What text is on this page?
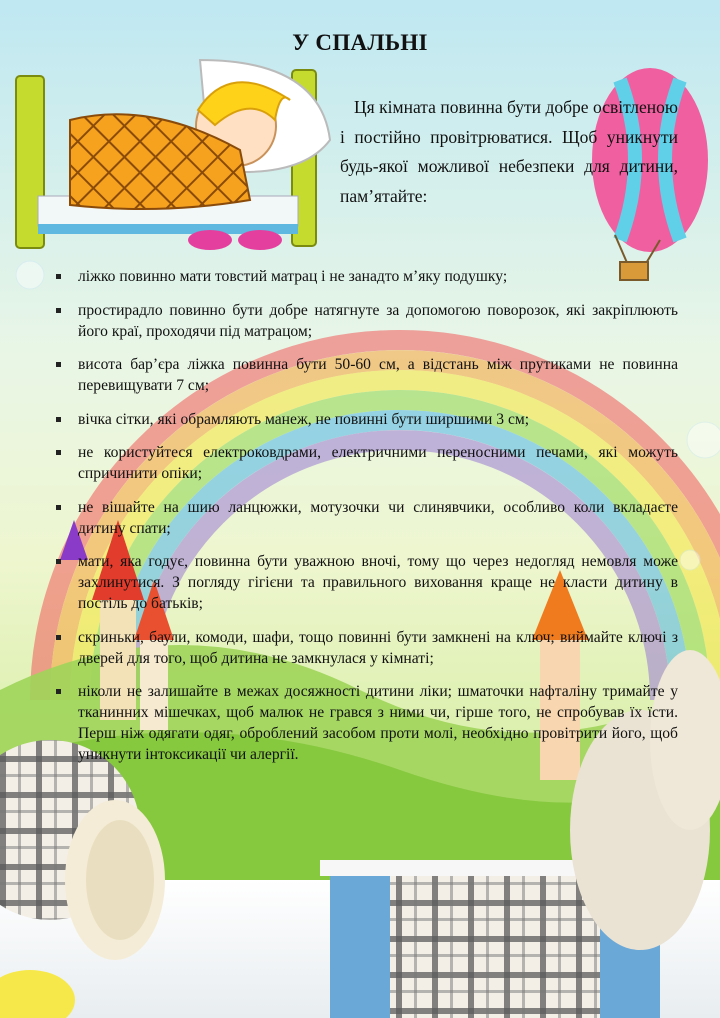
У СПАЛЬНІ
Ця кімната повинна бути добре освітленою і постійно провітрюватися. Щоб уникнути будь-якої можливої небезпеки для дитини, пам’ятайте:
ліжко повинно мати товстий матрац і не занадто м’яку подушку;
простирадло повинно бути добре натягнуте за допомогою поворозок, які закріплюють його краї, проходячи під матрацом;
висота бар’єра ліжка повинна бути 50-60 см, а відстань між прутиками не повинна перевищувати 7 см;
вічка сітки, які обрамляють манеж, не повинні бути ширшими 3 см;
не користуйтеся електроковдрами, електричними переносними печами, які можуть спричинити опіки;
не вішайте на шию ланцюжки, мотузочки чи слинявчики, особливо коли вкладаєте дитину спати;
мати, яка годує, повинна бути уважною вночі, тому що через недогляд немовля може захлинутися. З погляду гігієни та правильного виховання краще не класти дитину в постіль до батьків;
скриньки, баули, комоди, шафи, тощо повинні бути замкнені на ключ; виймайте ключі з дверей для того, щоб дитина не замкнулася у кімнаті;
ніколи не залишайте в межах досяжності дитини ліки; шматочки нафталіну тримайте у тканинних мішечках, щоб малюк не грався з ними чи, гірше того, не спробував їх їсти. Перш ніж одягати одяг, оброблений засобом проти молі, необхідно провітрити його, щоб уникнути інтоксикації чи алергії.
